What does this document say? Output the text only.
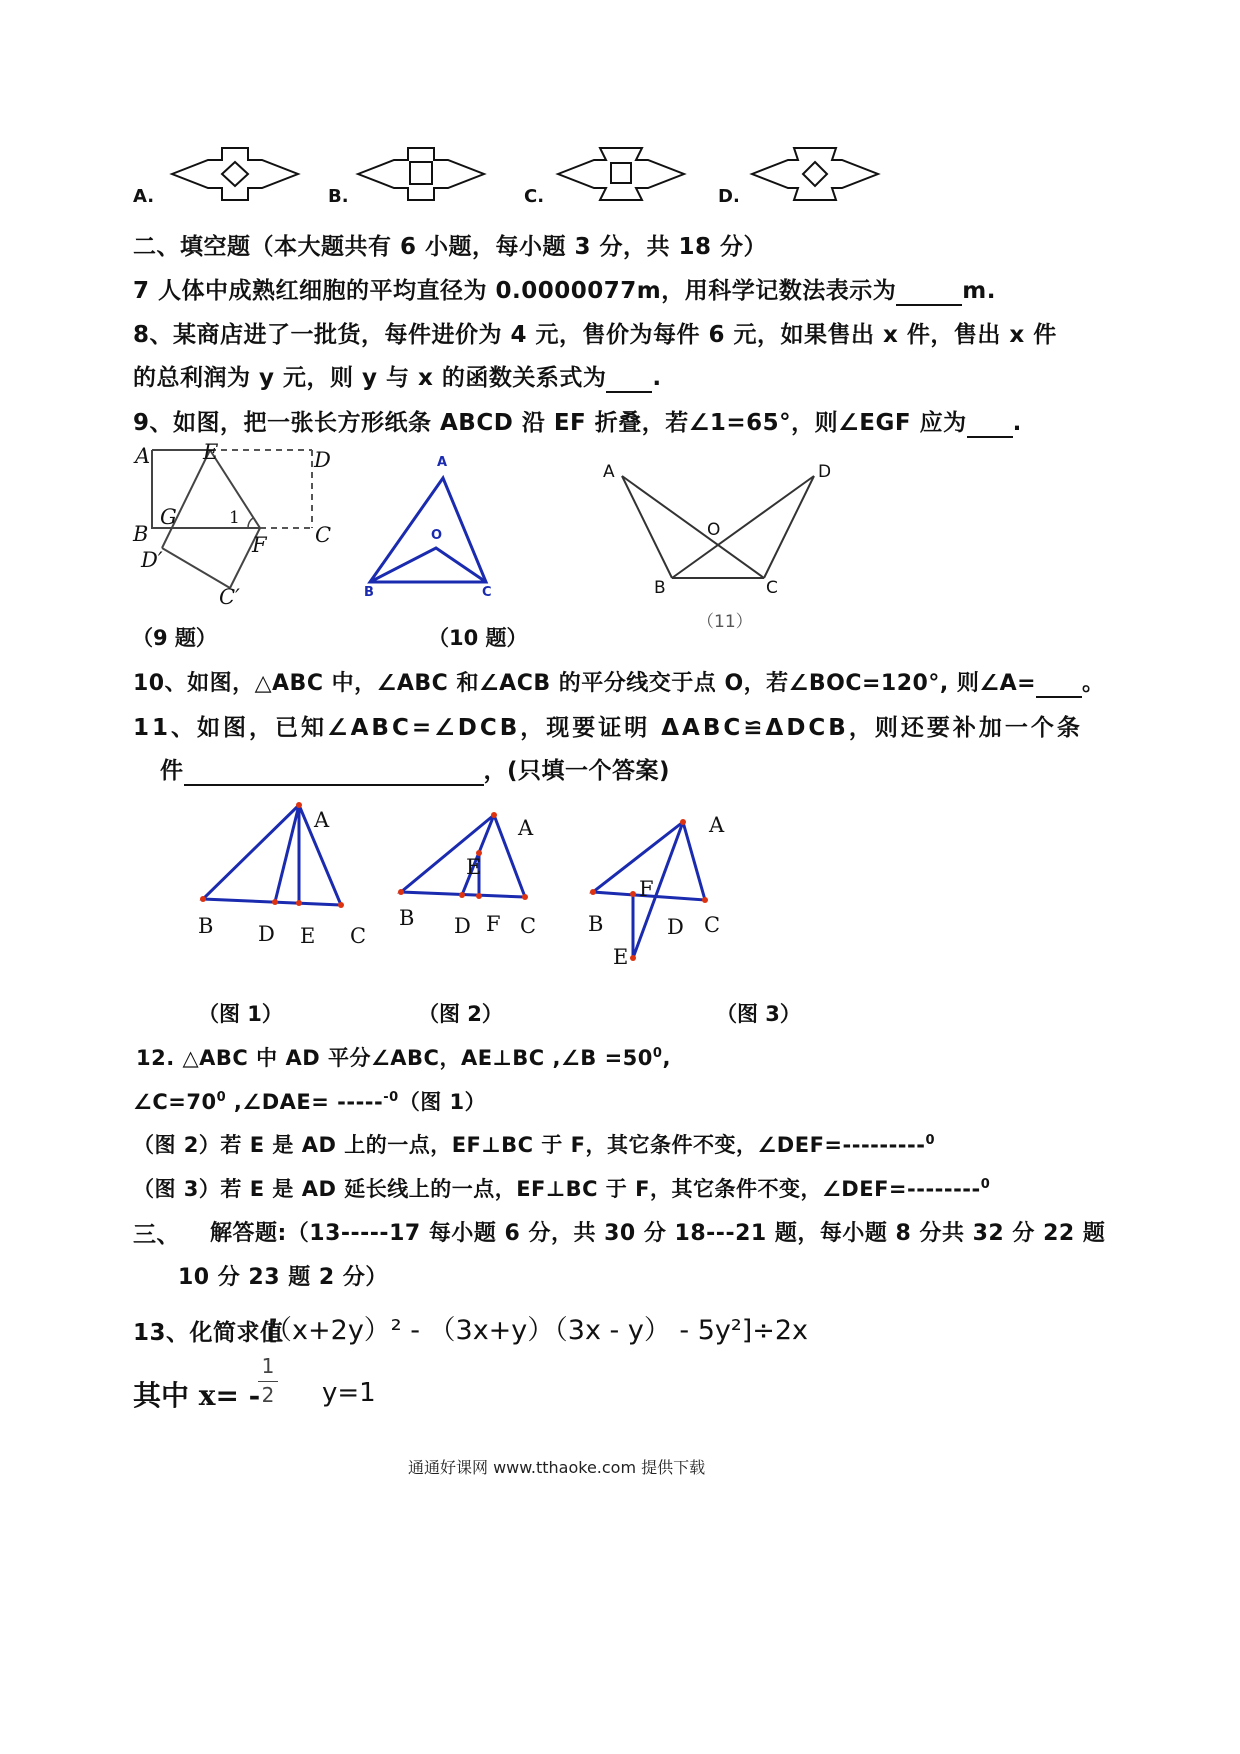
A.	B.	C.	D.
二、填空题（本大题共有 6 小题，每小题 3 分，共 18 分）
7 人体中成熟红细胞的平均直径为 0.0000077m，用科学记数法表示为	m.
8、某商店进了一批货，每件进价为 4 元，售价为每件 6 元，如果售出 x 件，售出 x 件
的总利润为 y 元，则 y 与 x 的函数关系式为 .
9、如图，把一张长方形纸条 ABCD 沿 EF 折叠，若∠1=65°，则∠EGF 应为 .
A	E	D
B
G	1
F C
D′
C′
（9 题）
A
O
B	C
（10 题）
A	D
O
B	C
（11）
10、如图，△ABC 中，∠ABC 和∠ACB 的平分线交于点 O，若∠BOC=120°, 则∠A= 。
11、如图，已知∠ABC=∠DCB，现要证明 ΔABC≌ΔDCB，则还要补加一个条
件	，(只填一个答案)
A
B D E C
（图 1）
A
E
B D F C
（图 2）
A
F
B	D C
E
（图 3）
12. △ABC 中 AD 平分∠ABC，AE⊥BC ,∠B $=50^0$,
$\angle C=70^0$ ,∠DAE= -----$^{-0}$（图 1）
（图 2）若 E 是 AD 上的一点，EF⊥BC 于 F，其它条件不变，∠DEF=---------$^0$
（图 3）若 E 是 AD 延长线上的一点，EF⊥BC 于 F，其它条件不变，∠DEF=--------$^0$
三、 解答题:（13-----17 每小题 6 分，共 30 分 18---21 题，每小题 8 分共 32 分 22 题
10 分 23 题 2 分）
13、化简求值
[（x+2y）² - （3x+y）（3x - y） - 5y²]÷2x
其中 x= -
1
2 y=1
通通好课网 www.tthaoke.com 提供下载
